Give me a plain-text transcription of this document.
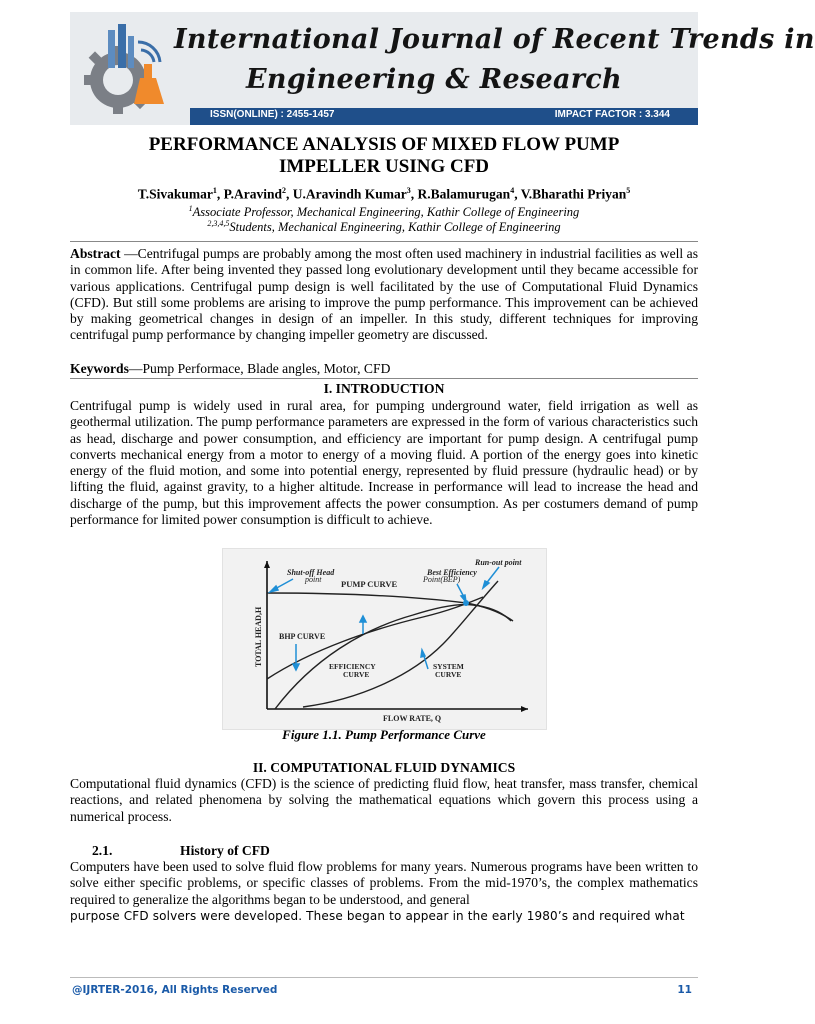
International Journal of Recent Trends in
Engineering & Research
ISSN(ONLINE) : 2455-1457	IMPACT FACTOR : 3.344
PERFORMANCE ANALYSIS OF MIXED FLOW PUMP
IMPELLER USING CFD
T.Sivakumar$^1$, P.Aravind$^2$, U.Aravindh Kumar$^3$, R.Balamurugan$^4$, V.Bharathi Priyan$^5$
$^1$Associate Professor, Mechanical Engineering, Kathir College of Engineering
$^{2,3,4,5}$Students, Mechanical Engineering, Kathir College of Engineering
Abstract —Centrifugal pumps are probably among the most often used machinery in industrial facilities as well as in common life. After being invented they passed long evolutionary development until they became accessible for various applications. Centrifugal pump design is well facilitated by the use of Computational Fluid Dynamics (CFD). But still some problems are arising to improve the pump performance. This improvement can be achieved by making geometrical changes in design of an impeller. In this study, different techniques for improving centrifugal pump performance by changing impeller geometry are discussed.
Keywords—Pump Performace, Blade angles, Motor, CFD
I. INTRODUCTION
Centrifugal pump is widely used in rural area, for pumping underground water, field irrigation as well as geothermal utilization. The pump performance parameters are expressed in the form of various characteristics such as head, discharge and power consumption, and efficiency are important for pump design. A centrifugal pump converts mechanical energy from a motor to energy of a moving fluid. A portion of the energy goes into kinetic energy of the fluid motion, and some into potential energy, represented by fluid pressure (hydraulic head) or by lifting the fluid, against gravity, to a higher altitude. Increase in performance will lead to increase the head and discharge of the pump, but this improvement affects the power consumption. As per costumers demand of pump performance for limited power consumption is difficult to achieve.
Run-out point
Shut-off Head
point
Best Efficiency
Point(BEP)
PUMP CURVE
BHP CURVE
EFFICIENCY
CURVE
SYSTEM
CURVE
TOTAL HEAD,H
FLOW RATE, Q
Figure 1.1. Pump Performance Curve
II. COMPUTATIONAL FLUID DYNAMICS
Computational fluid dynamics (CFD) is the science of predicting fluid flow, heat transfer, mass transfer, chemical reactions, and related phenomena by solving the mathematical equations which govern this process using a numerical process.
2.1.	History of CFD
Computers have been used to solve fluid flow problems for many years. Numerous programs have been written to solve either specific problems, or specific classes of problems. From the mid-1970’s, the complex mathematics required to generalize the algorithms began to be understood, and general
purpose CFD solvers were developed. These began to appear in the early 1980’s and required what
@IJRTER-2016, All Rights Reserved	11
